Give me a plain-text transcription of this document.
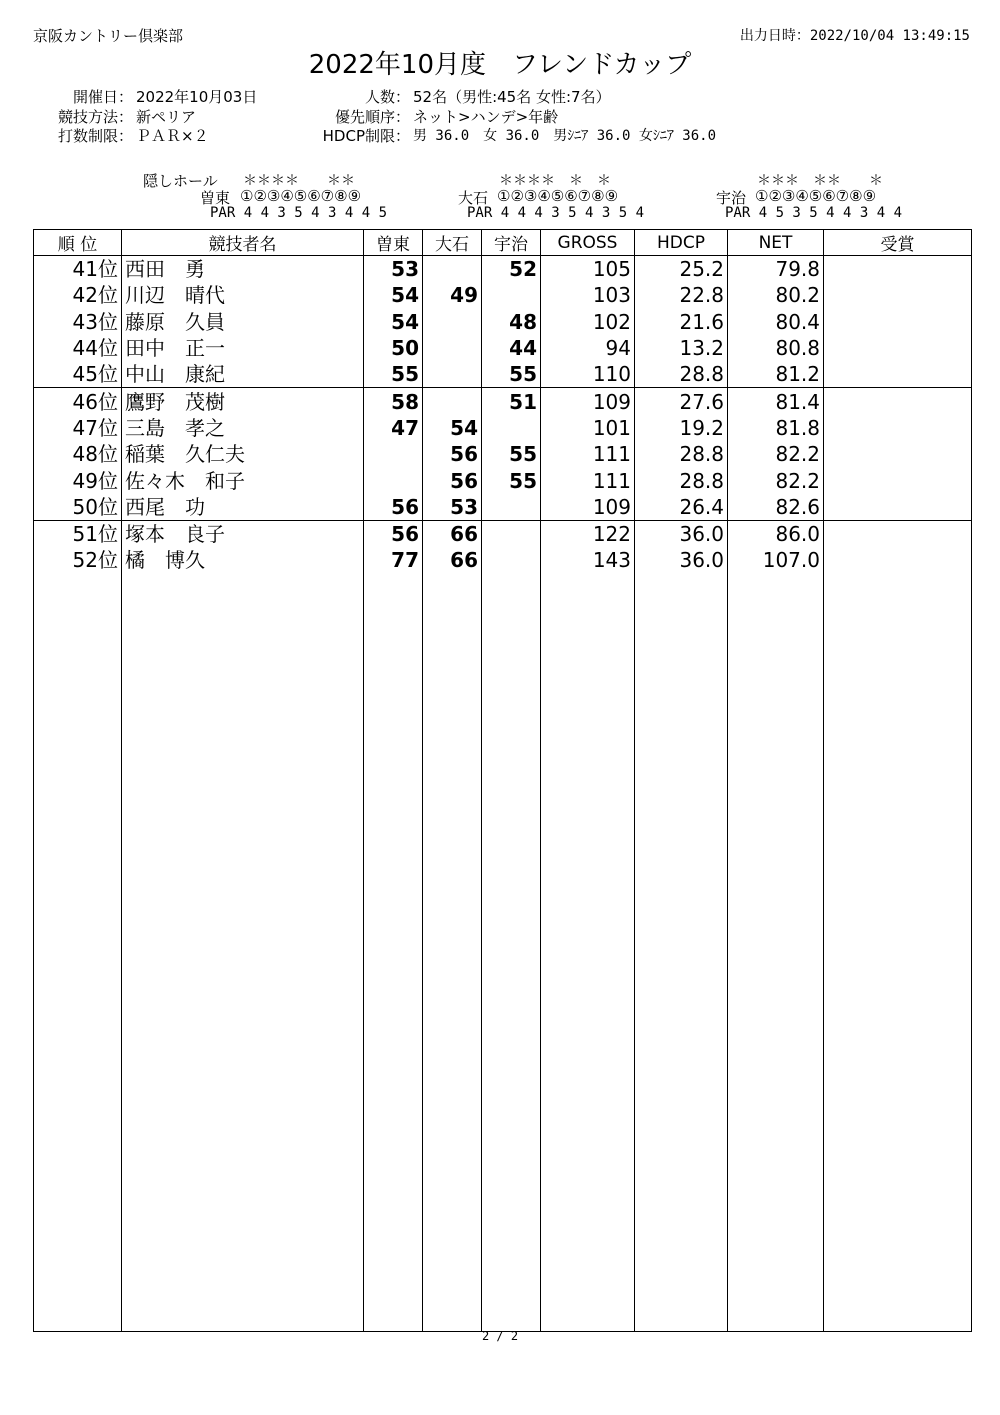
京阪カントリー倶楽部	出力日時：2022/10/04 13:49:15
2022年10月度　フレンドカップ
開催日： 2022年10月03日
競技方法： 新ペリア
打数制限： ＰＡＲ×２
人数： 52名（男性:45名 女性:7名）
優先順序： ネット>ハンデ>年齢
HDCP制限： 男 36.0　女 36.0　男ｼﾆｱ 36.0 女ｼﾆｱ 36.0
隠しホール ＊＊＊＊　　＊＊
曽東 ①②③④⑤⑥⑦⑧⑨
PAR 4 4 3 5 4 3 4 4 5
＊＊＊＊　＊　＊
大石 ①②③④⑤⑥⑦⑧⑨
PAR 4 4 4 3 5 4 3 5 4
＊＊＊　＊＊　　＊
宇治 ①②③④⑤⑥⑦⑧⑨
PAR 4 5 3 5 4 4 3 4 4
順 位	競技者名	曽東	大石	宇治	GROSS	HDCP	NET	受賞
41位	西田　勇	53		52	105	25.2	79.8	
42位	川辺　晴代	54	49		103	22.8	80.2	
43位	藤原　久員	54		48	102	21.6	80.4	
44位	田中　正一	50		44	94	13.2	80.8	
45位	中山　康紀	55		55	110	28.8	81.2	
46位	鷹野　茂樹	58		51	109	27.6	81.4	
47位	三島　孝之	47	54		101	19.2	81.8	
48位	稲葉　久仁夫		56	55	111	28.8	82.2	
49位	佐々木　和子		56	55	111	28.8	82.2	
50位	西尾　功	56	53		109	26.4	82.6	
51位	塚本　良子	56	66		122	36.0	86.0	
52位	橘　博久	77	66		143	36.0	107.0	

2 / 2
